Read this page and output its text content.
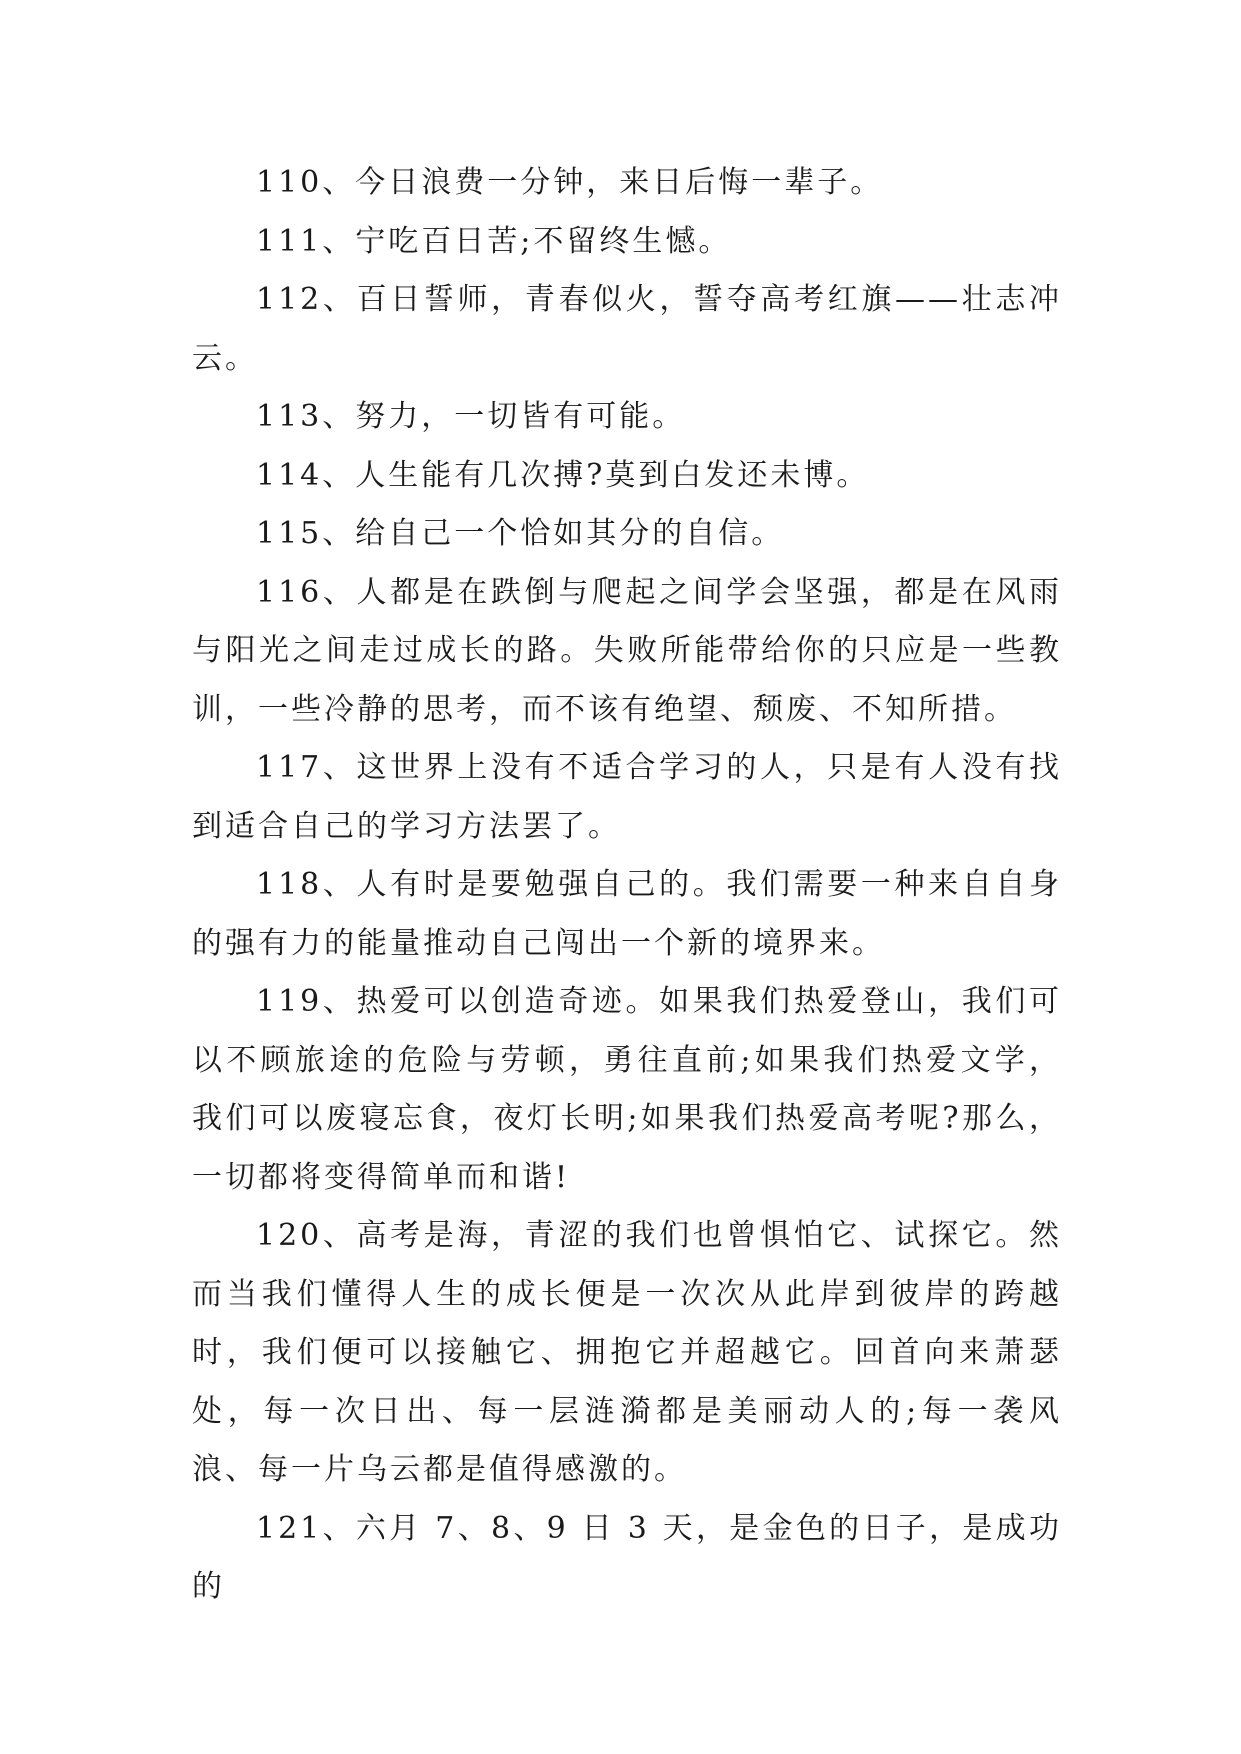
110、今日浪费一分钟，来日后悔一辈子。

111、宁吃百日苦;不留终生憾。

112、百日誓师，青春似火，誓夺高考红旗——壮志冲云。

113、努力，一切皆有可能。

114、人生能有几次搏?莫到白发还未博。

115、给自己一个恰如其分的自信。

116、人都是在跌倒与爬起之间学会坚强，都是在风雨与阳光之间走过成长的路。失败所能带给你的只应是一些教训，一些冷静的思考，而不该有绝望、颓废、不知所措。

117、这世界上没有不适合学习的人，只是有人没有找到适合自己的学习方法罢了。

118、人有时是要勉强自己的。我们需要一种来自自身的强有力的能量推动自己闯出一个新的境界来。

119、热爱可以创造奇迹。如果我们热爱登山，我们可以不顾旅途的危险与劳顿，勇往直前;如果我们热爱文学，我们可以废寝忘食，夜灯长明;如果我们热爱高考呢?那么，一切都将变得简单而和谐!

120、高考是海，青涩的我们也曾惧怕它、试探它。然而当我们懂得人生的成长便是一次次从此岸到彼岸的跨越时，我们便可以接触它、拥抱它并超越它。回首向来萧瑟处，每一次日出、每一层涟漪都是美丽动人的;每一袭风浪、每一片乌云都是值得感激的。

121、六月 7、8、9 日 3 天，是金色的日子，是成功的
